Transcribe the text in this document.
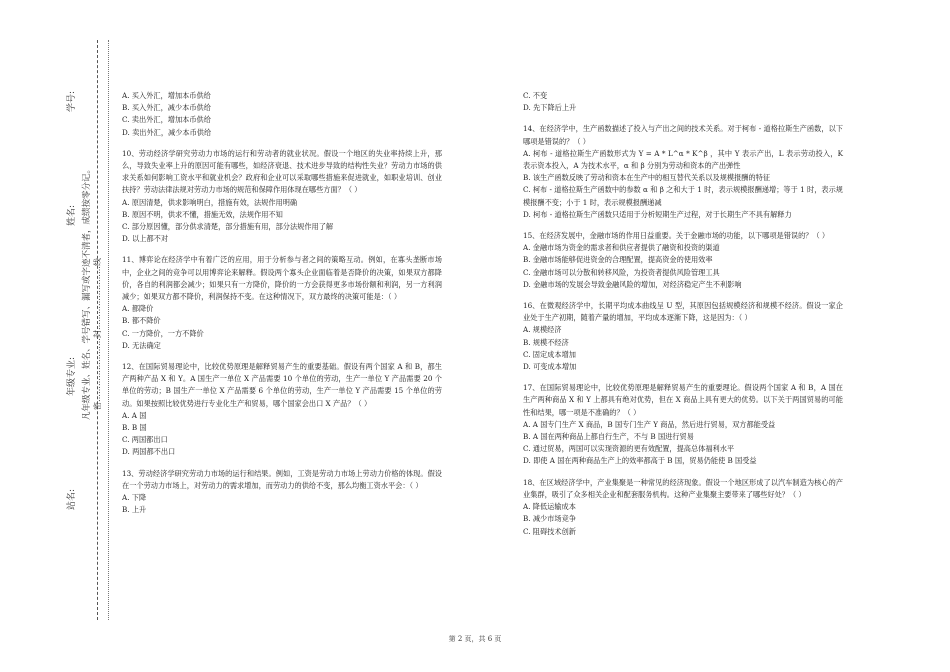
学号:
姓名:
年级专业:
站名:
凡年级专业、姓名、学号错写、漏写或字迹不清者，成绩按零分记。 密……………………封……………………线
A. 买入外汇，增加本币供给
B. 买入外汇，减少本币供给
C. 卖出外汇，增加本币供给
D. 卖出外汇，减少本币供给
10、劳动经济学研究劳动力市场的运行和劳动者的就业状况。假设一个地区的失业率持续上升，那么，导致失业率上升的原因可能有哪些，如经济衰退、技术进步导致的结构性失业？劳动力市场的供求关系如何影响工资水平和就业机会？政府和企业可以采取哪些措施来促进就业，如职业培训、创业扶持？劳动法律法规对劳动力市场的规范和保障作用体现在哪些方面？（ ）
A. 原因清楚，供求影响明白，措施有效，法规作用明确
B. 原因不明，供求不懂，措施无效，法规作用不知
C. 部分原因懂，部分供求清楚，部分措施有用，部分法规作用了解
D. 以上都不对
11、博弈论在经济学中有着广泛的应用，用于分析参与者之间的策略互动。例如，在寡头垄断市场中，企业之间的竞争可以用博弈论来解释。假设两个寡头企业面临着是否降价的决策，如果双方都降价，各自的利润都会减少；如果只有一方降价，降价的一方会获得更多市场份额和利润，另一方利润减少；如果双方都不降价，利润保持不变。在这种情况下，双方最终的决策可能是：（ ）
A. 都降价
B. 都不降价
C. 一方降价，一方不降价
D. 无法确定
12、在国际贸易理论中，比较优势原理是解释贸易产生的重要基础。假设有两个国家 A 和 B，都生产两种产品 X 和 Y。A 国生产一单位 X 产品需要 10 个单位的劳动，生产一单位 Y 产品需要 20 个单位的劳动；B 国生产一单位 X 产品需要 6 个单位的劳动，生产一单位 Y 产品需要 15 个单位的劳动。如果按照比较优势进行专业化生产和贸易，哪个国家会出口 X 产品？（ ）
A. A 国
B. B 国
C. 两国都出口
D. 两国都不出口
13、劳动经济学研究劳动力市场的运行和结果。例如，工资是劳动力市场上劳动力价格的体现。假设在一个劳动力市场上，对劳动力的需求增加，而劳动力的供给不变，那么均衡工资水平会：（ ）
A. 下降
B. 上升
C. 不变
D. 先下降后上升
14、在经济学中，生产函数描述了投入与产出之间的技术关系。对于柯布 - 道格拉斯生产函数，以下哪项是错误的？（ ）
A. 柯布 - 道格拉斯生产函数形式为 Y = A * L^α * K^β ，其中 Y 表示产出，L 表示劳动投入，K 表示资本投入，A 为技术水平，α 和 β 分别为劳动和资本的产出弹性
B. 该生产函数反映了劳动和资本在生产中的相互替代关系以及规模报酬的特征
C. 柯布 - 道格拉斯生产函数中的参数 α 和 β 之和大于 1 时，表示规模报酬递增；等于 1 时，表示规模报酬不变；小于 1 时，表示规模报酬递减
D. 柯布 - 道格拉斯生产函数只适用于分析短期生产过程，对于长期生产不具有解释力
15、在经济发展中，金融市场的作用日益重要。关于金融市场的功能，以下哪项是错误的？（ ）
A. 金融市场为资金的需求者和供应者提供了融资和投资的渠道
B. 金融市场能够促进资金的合理配置，提高资金的使用效率
C. 金融市场可以分散和转移风险，为投资者提供风险管理工具
D. 金融市场的发展会导致金融风险的增加，对经济稳定产生不利影响
16、在微观经济学中，长期平均成本曲线呈 U 型，其原因包括规模经济和规模不经济。假设一家企业处于生产初期，随着产量的增加，平均成本逐渐下降，这是因为：（ ）
A. 规模经济
B. 规模不经济
C. 固定成本增加
D. 可变成本增加
17、在国际贸易理论中，比较优势原理是解释贸易产生的重要理论。假设两个国家 A 和 B，A 国在生产两种商品 X 和 Y 上都具有绝对优势，但在 X 商品上具有更大的优势。以下关于两国贸易的可能性和结果，哪一项是不准确的？（ ）
A. A 国专门生产 X 商品，B 国专门生产 Y 商品，然后进行贸易，双方都能受益
B. A 国在两种商品上都自行生产，不与 B 国进行贸易
C. 通过贸易，两国可以实现资源的更有效配置，提高总体福利水平
D. 即使 A 国在两种商品生产上的效率都高于 B 国，贸易仍能使 B 国受益
18、在区域经济学中，产业集聚是一种常见的经济现象。假设一个地区形成了以汽车制造为核心的产业集群，吸引了众多相关企业和配套服务机构。这种产业集聚主要带来了哪些好处？（ ）
A. 降低运输成本
B. 减少市场竞争
C. 阻碍技术创新
第 2 页，共 6 页
